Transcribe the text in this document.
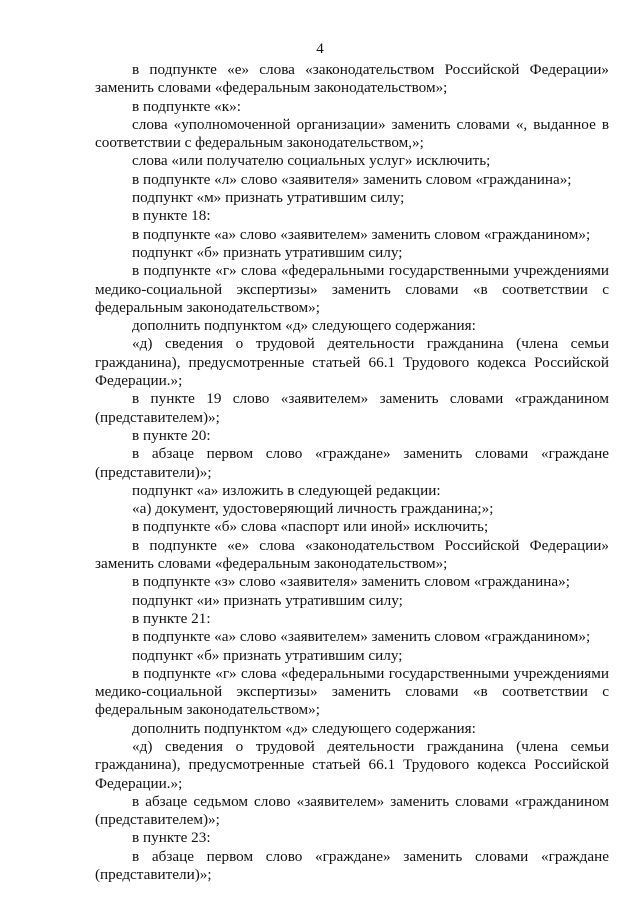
4

в подпункте «е» слова «законодательством Российской Федерации» заменить словами «федеральным законодательством»;

в подпункте «к»:

слова «уполномоченной организации» заменить словами «, выданное в соответствии с федеральным законодательством,»;

слова «или получателю социальных услуг» исключить;

в подпункте «л» слово «заявителя» заменить словом «гражданина»;

подпункт «м» признать утратившим силу;

в пункте 18:

в подпункте «а» слово «заявителем» заменить словом «гражданином»;

подпункт «б» признать утратившим силу;

в подпункте «г» слова «федеральными государственными учреждениями медико-социальной экспертизы» заменить словами «в соответствии с федеральным законодательством»;

дополнить подпунктом «д» следующего содержания:

«д) сведения о трудовой деятельности гражданина (члена семьи гражданина), предусмотренные статьей 66.1 Трудового кодекса Российской Федерации.»;

в пункте 19 слово «заявителем» заменить словами «гражданином (представителем)»;

в пункте 20:

в абзаце первом слово «граждане» заменить словами «граждане (представители)»;

подпункт «а» изложить в следующей редакции:

«а) документ, удостоверяющий личность гражданина;»;

в подпункте «б» слова «паспорт или иной» исключить;

в подпункте «е» слова «законодательством Российской Федерации» заменить словами «федеральным законодательством»;

в подпункте «з» слово «заявителя» заменить словом «гражданина»;

подпункт «и» признать утратившим силу;

в пункте 21:

в подпункте «а» слово «заявителем» заменить словом «гражданином»;

подпункт «б» признать утратившим силу;

в подпункте «г» слова «федеральными государственными учреждениями медико-социальной экспертизы» заменить словами «в соответствии с федеральным законодательством»;

дополнить подпунктом «д» следующего содержания:

«д) сведения о трудовой деятельности гражданина (члена семьи гражданина), предусмотренные статьей 66.1 Трудового кодекса Российской Федерации.»;

в абзаце седьмом слово «заявителем» заменить словами «гражданином (представителем)»;

в пункте 23:

в абзаце первом слово «граждане» заменить словами «граждане (представители)»;
